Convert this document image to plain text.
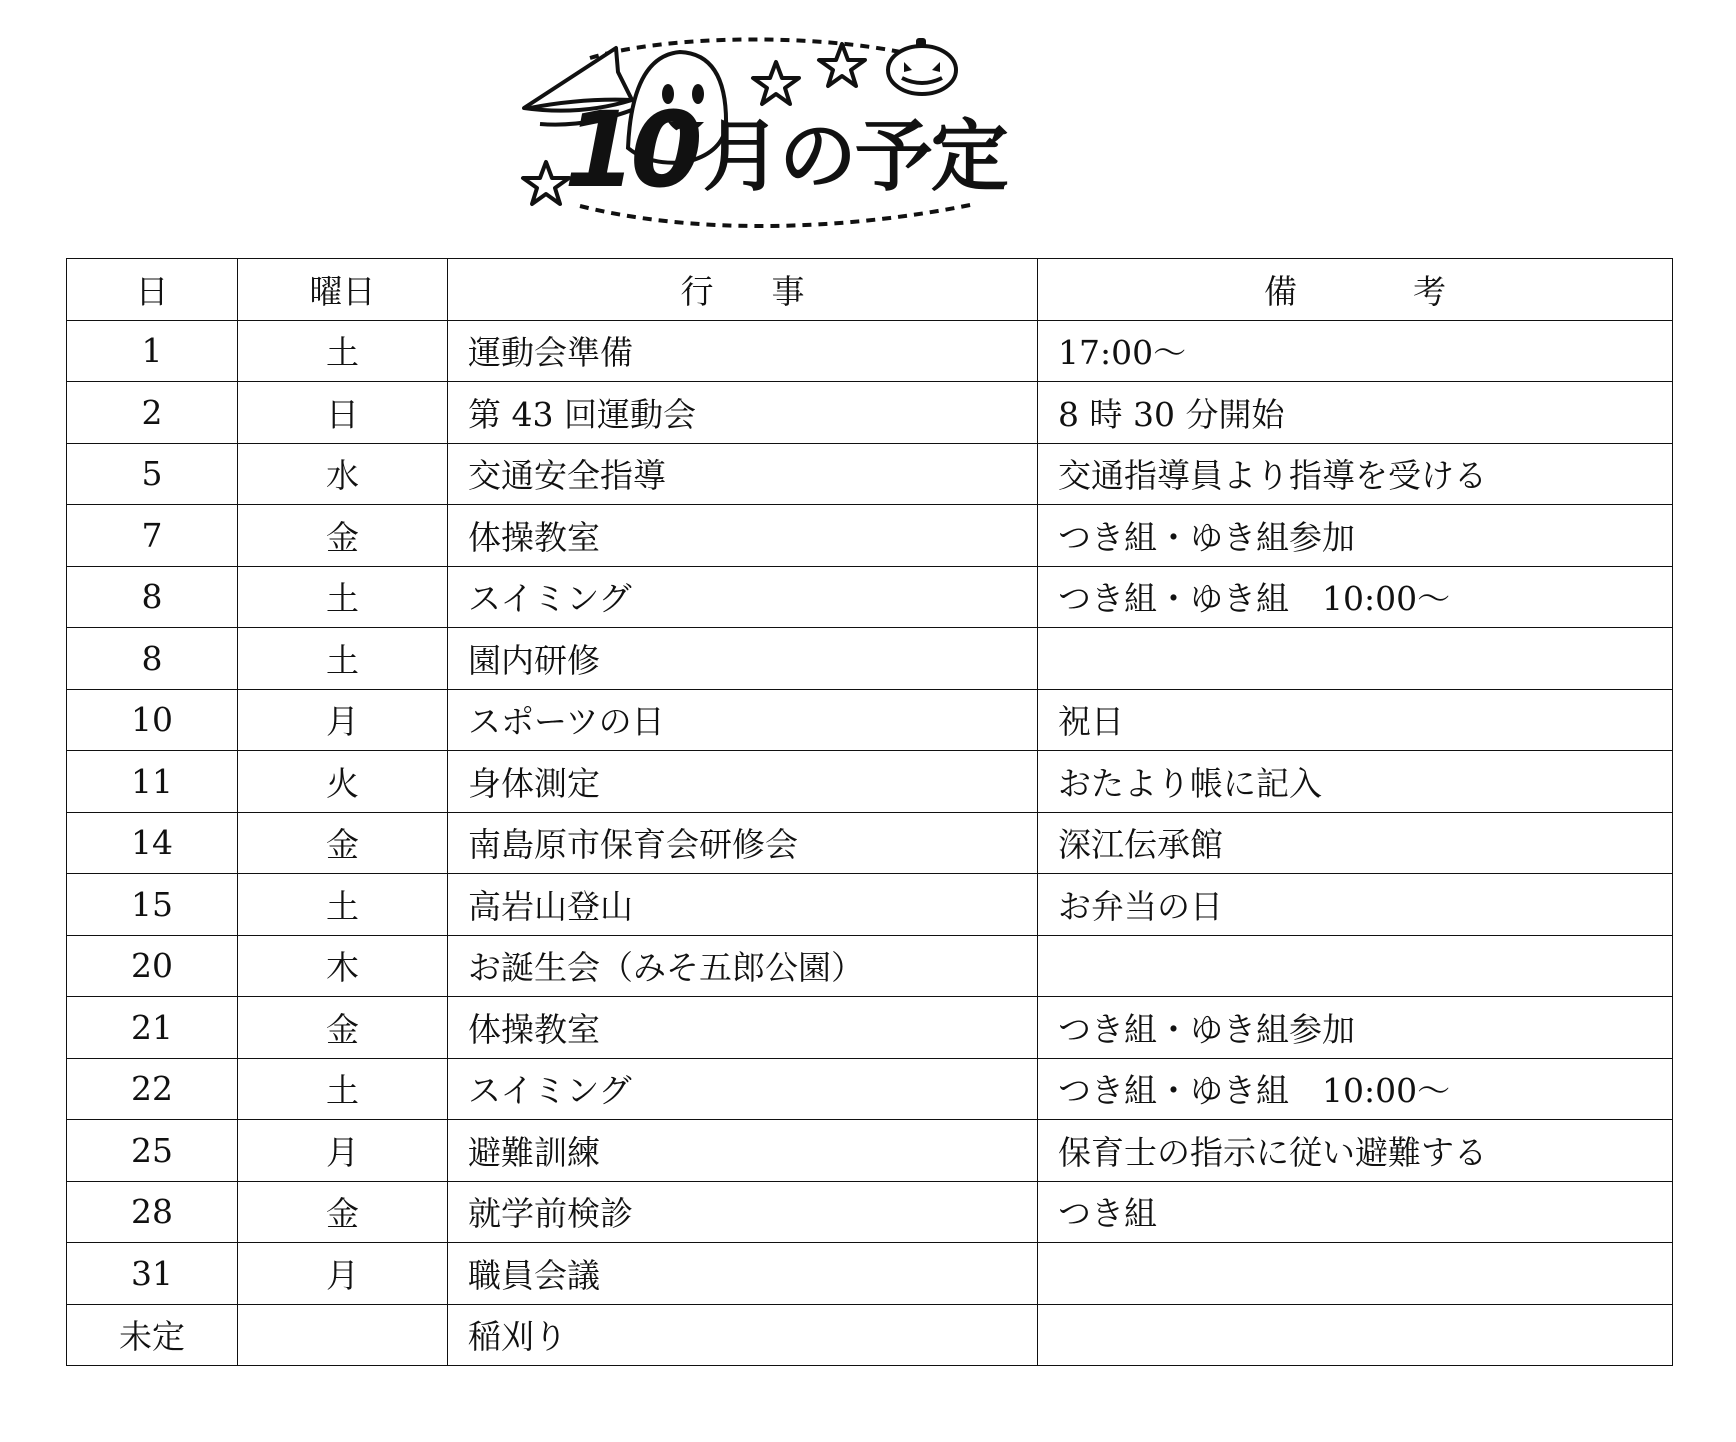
10 月の予定
日	曜日	行事	備考
1	土	運動会準備	17:00～
2	日	第 43 回運動会	8 時 30 分開始
5	水	交通安全指導	交通指導員より指導を受ける
7	金	体操教室	つき組・ゆき組参加
8	土	スイミング	つき組・ゆき組　10:00～
8	土	園内研修	
10	月	スポーツの日	祝日
11	火	身体測定	おたより帳に記入
14	金	南島原市保育会研修会	深江伝承館
15	土	高岩山登山	お弁当の日
20	木	お誕生会（みそ五郎公園）	
21	金	体操教室	つき組・ゆき組参加
22	土	スイミング	つき組・ゆき組　10:00～
25	月	避難訓練	保育士の指示に従い避難する
28	金	就学前検診	つき組
31	月	職員会議	
未定		稲刈り	
